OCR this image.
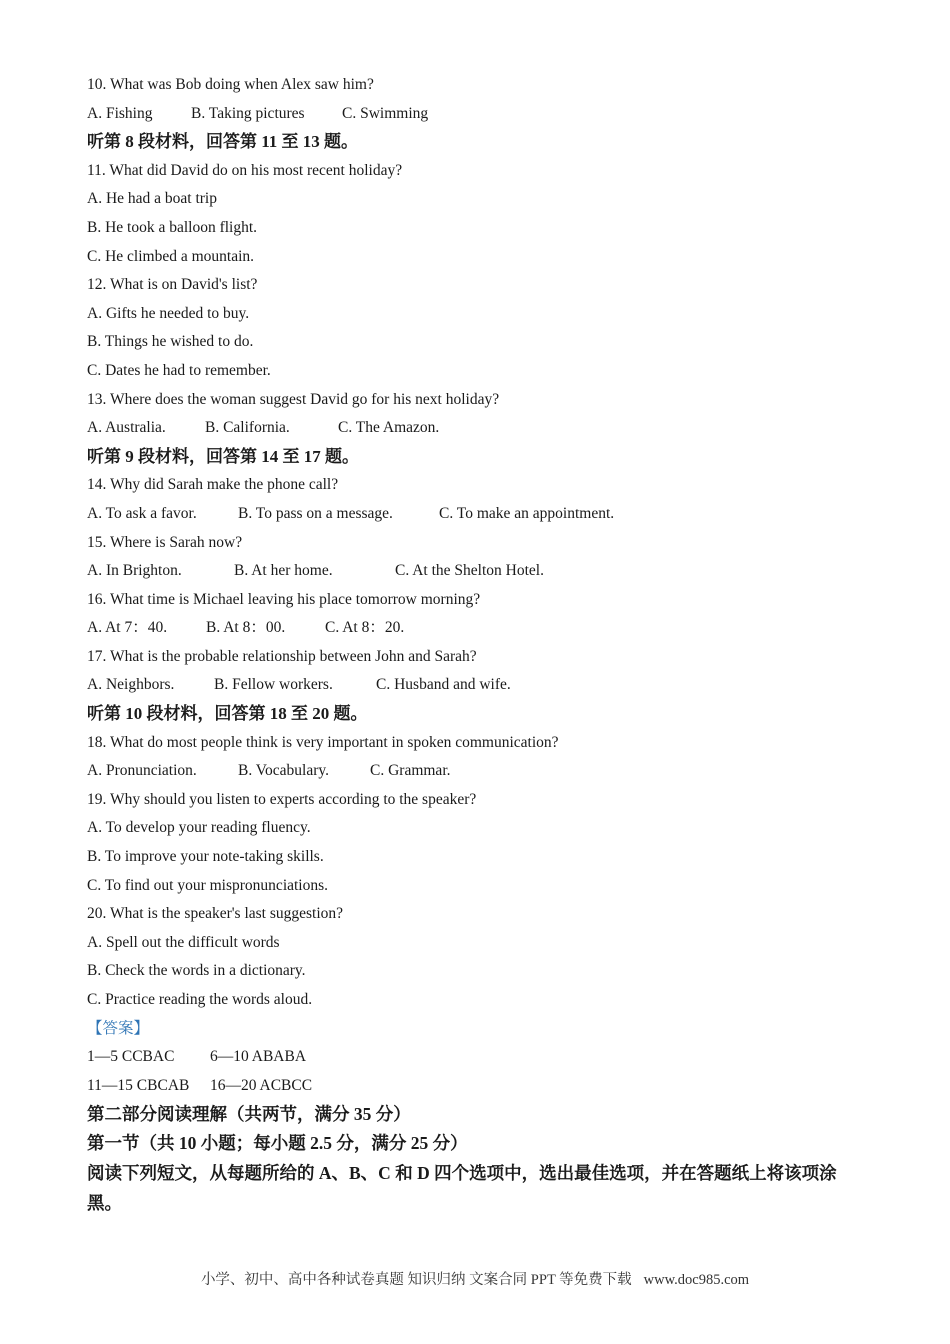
10. What was Bob doing when Alex saw him?
A. Fishing B. Taking pictures C. Swimming
听第 8 段材料，回答第 11 至 13 题。
11. What did David do on his most recent holiday?
A. He had a boat trip
B. He took a balloon flight.
C. He climbed a mountain.
12. What is on David's list?
A. Gifts he needed to buy.
B. Things he wished to do.
C. Dates he had to remember.
13. Where does the woman suggest David go for his next holiday?
A. Australia.	B. California.	C. The Amazon.
听第 9 段材料，回答第 14 至 17 题。
14. Why did Sarah make the phone call?
A. To ask a favor.	B. To pass on a message.	C. To make an appointment.
15. Where is Sarah now?
A. In Brighton.	B. At her home.	C. At the Shelton Hotel.
16. What time is Michael leaving his place tomorrow morning?
A. At 7：40.	B. At 8：00.	C. At 8：20.
17. What is the probable relationship between John and Sarah?
A. Neighbors.	B. Fellow workers.	C. Husband and wife.
听第 10 段材料，回答第 18 至 20 题。
18. What do most people think is very important in spoken communication?
A. Pronunciation.	B. Vocabulary.	C. Grammar.
19. Why should you listen to experts according to the speaker?
A. To develop your reading fluency.
B. To improve your note-taking skills.
C. To find out your mispronunciations.
20. What is the speaker's last suggestion?
A. Spell out the difficult words
B. Check the words in a dictionary.
C. Practice reading the words aloud.
【答案】
1—5 CCBAC 6—10 ABABA
11—15 CBCAB 16—20 ACBCC
第二部分阅读理解（共两节，满分 35 分）
第一节（共 10 小题；每小题 2.5 分，满分 25 分）
阅读下列短文，从每题所给的 A、B、C 和 D 四个选项中，选出最佳选项，并在答题纸上将该项涂黑。
小学、初中、高中各种试卷真题 知识归纳 文案合同 PPT 等免费下载 www.doc985.com
